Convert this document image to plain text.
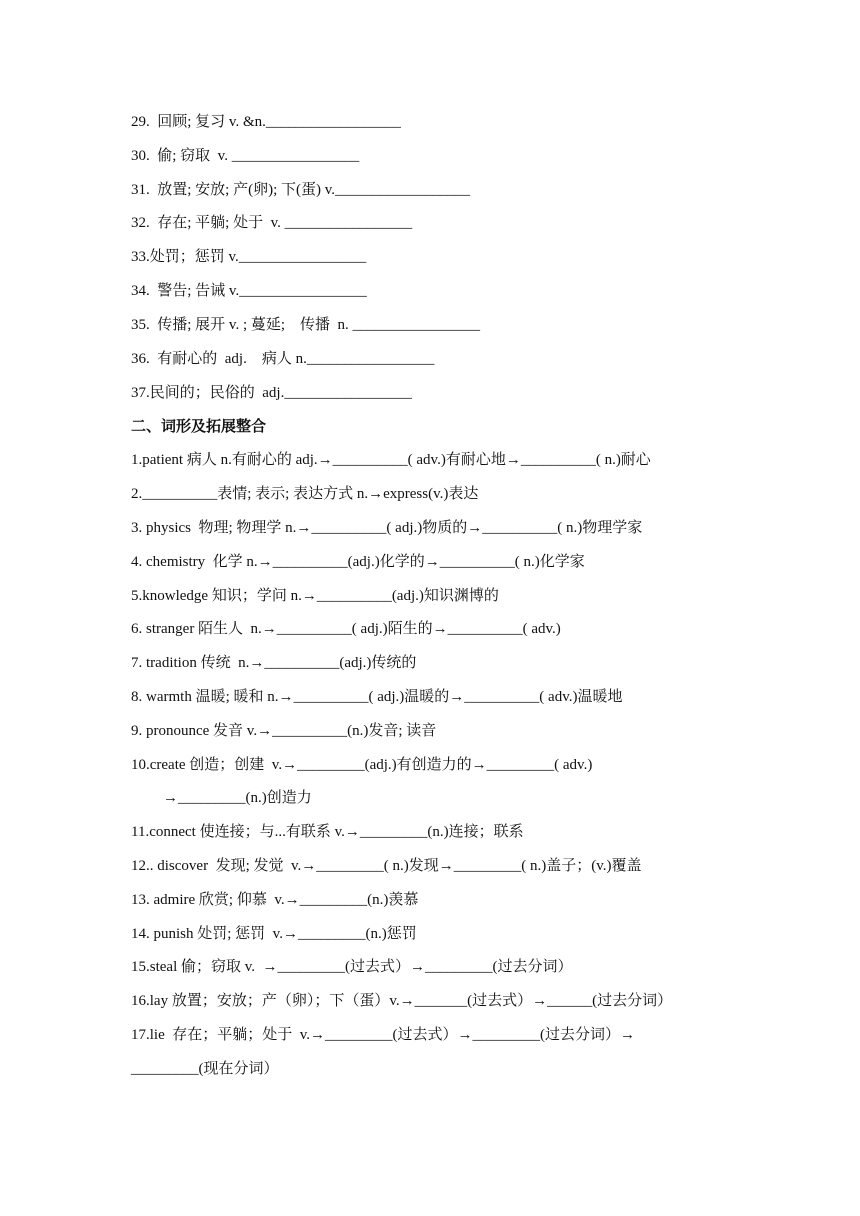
29.  回顾; 复习 v. &n.__________________
30.  偷; 窃取  v. _________________
31.  放置; 安放; 产(卵); 下(蛋) v.__________________
32.  存在; 平躺; 处于  v. _________________
33.处罚；惩罚 v._________________
34.  警告; 告诫 v._________________
35.  传播; 展开 v. ; 蔓延;    传播  n. _________________
36.  有耐心的  adj.    病人 n._________________
37.民间的；民俗的  adj._________________
二、词形及拓展整合
1.patient 病人 n.有耐心的 adj.→__________( adv.)有耐心地→__________( n.)耐心
2.__________表情; 表示; 表达方式 n.→express(v.)表达
3. physics  物理; 物理学 n.→__________( adj.)物质的→__________( n.)物理学家
4. chemistry  化学 n.→__________(adj.)化学的→__________( n.)化学家
5.knowledge 知识；学问 n.→__________(adj.)知识渊博的
6. stranger 陌生人  n.→__________( adj.)陌生的→__________( adv.)
7. tradition 传统  n.→__________(adj.)传统的
8. warmth 温暖; 暖和 n.→__________( adj.)温暖的→__________( adv.)温暖地
9. pronounce 发音 v.→__________(n.)发音; 读音
10.create 创造；创建  v.→_________(adj.)有创造力的→_________( adv.)
→_________(n.)创造力
11.connect 使连接；与...有联系 v.→_________(n.)连接；联系
12.. discover  发现; 发觉  v.→_________( n.)发现→_________( n.)盖子；(v.)覆盖
13. admire 欣赏; 仰慕  v.→_________(n.)羡慕
14. punish 处罚; 惩罚  v.→_________(n.)惩罚
15.steal 偷；窃取 v.  →_________(过去式）→_________(过去分词）
16.lay 放置；安放；产（卵）；下（蛋）v.→_______(过去式）→______(过去分词）
17.lie  存在；平躺；处于  v.→_________(过去式）→_________(过去分词）→
_________(现在分词）
